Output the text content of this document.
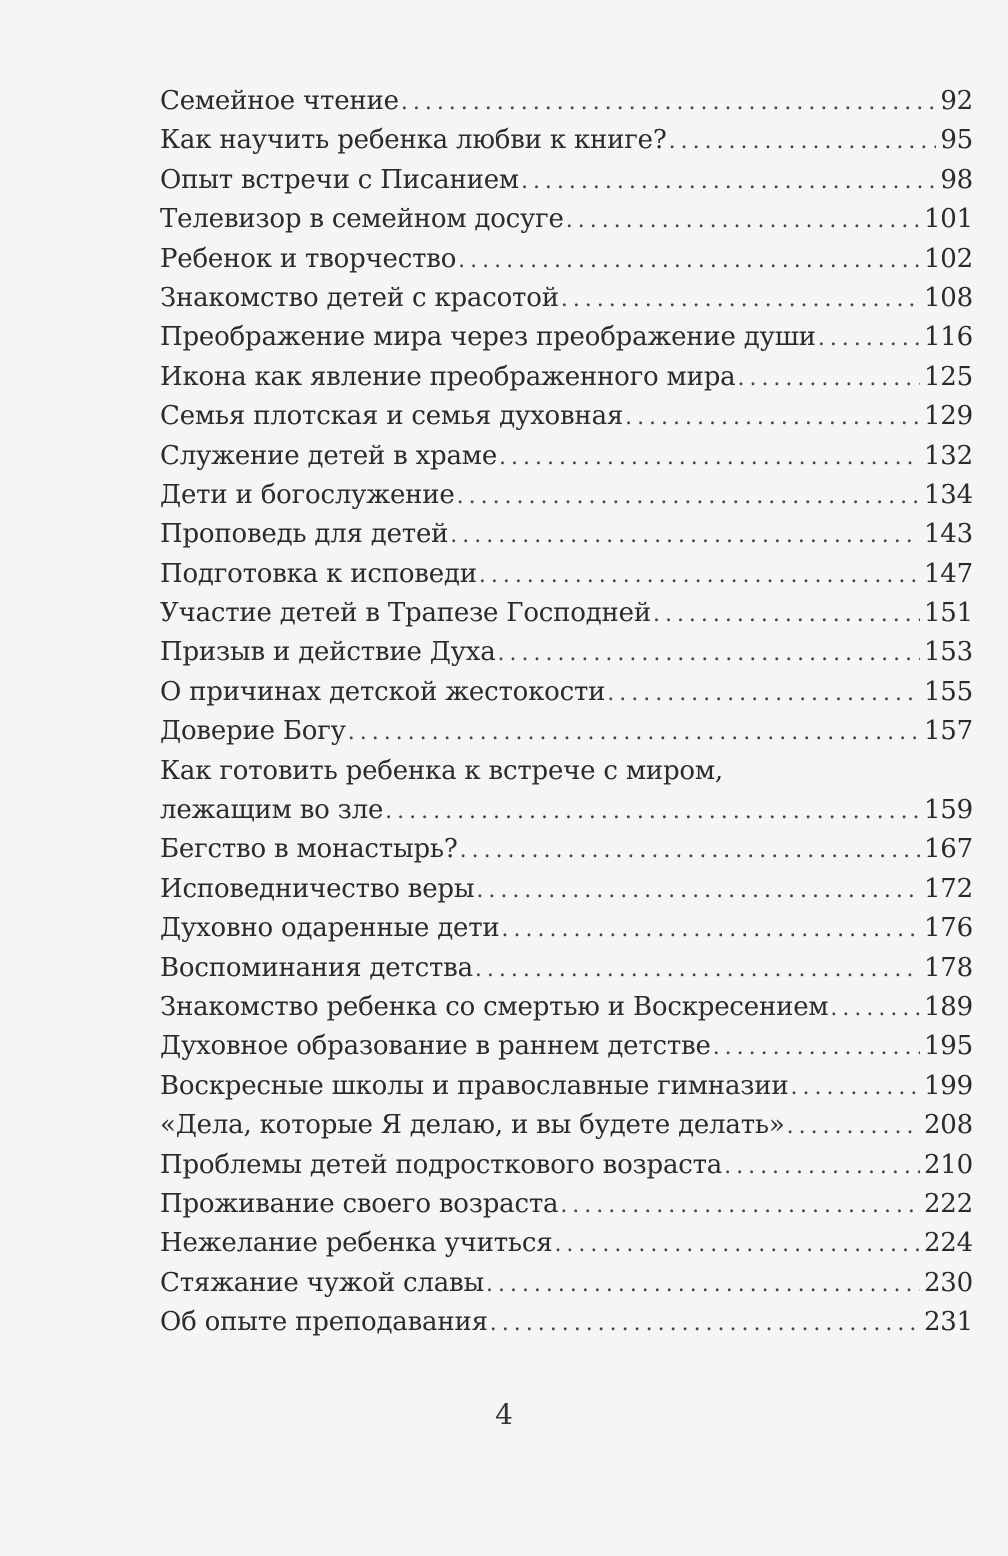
Семейное чтение . . .	92
Как научить ребенка любви к книге? . . .	95
Опыт встречи с Писанием . . .	98
Телевизор в семейном досуге . . .	101
Ребенок и творчество . . .	102
Знакомство детей с красотой . . .	108
Преображение мира через преображение души . . .	116
Икона как явление преображенного мира . . .	125
Семья плотская и семья духовная . . .	129
Служение детей в храме . . .	132
Дети и богослужение . . .	134
Проповедь для детей . . .	143
Подготовка к исповеди . . .	147
Участие детей в Трапезе Господней . . .	151
Призыв и действие Духа . . .	153
О причинах детской жестокости . . .	155
Доверие Богу . . .	157
Как готовить ребенка к встрече с миром,
лежащим во зле . . .	159
Бегство в монастырь? . . .	167
Исповедничество веры . . .	172
Духовно одаренные дети . . .	176
Воспоминания детства . . .	178
Знакомство ребенка со смертью и Воскресением . . .	189
Духовное образование в раннем детстве . . .	195
Воскресные школы и православные гимназии . . .	199
«Дела, которые Я делаю, и вы будете делать» . . .	208
Проблемы детей подросткового возраста . . .	210
Проживание своего возраста . . .	222
Нежелание ребенка учиться . . .	224
Стяжание чужой славы . . .	230
Об опыте преподавания . . .	231
4
